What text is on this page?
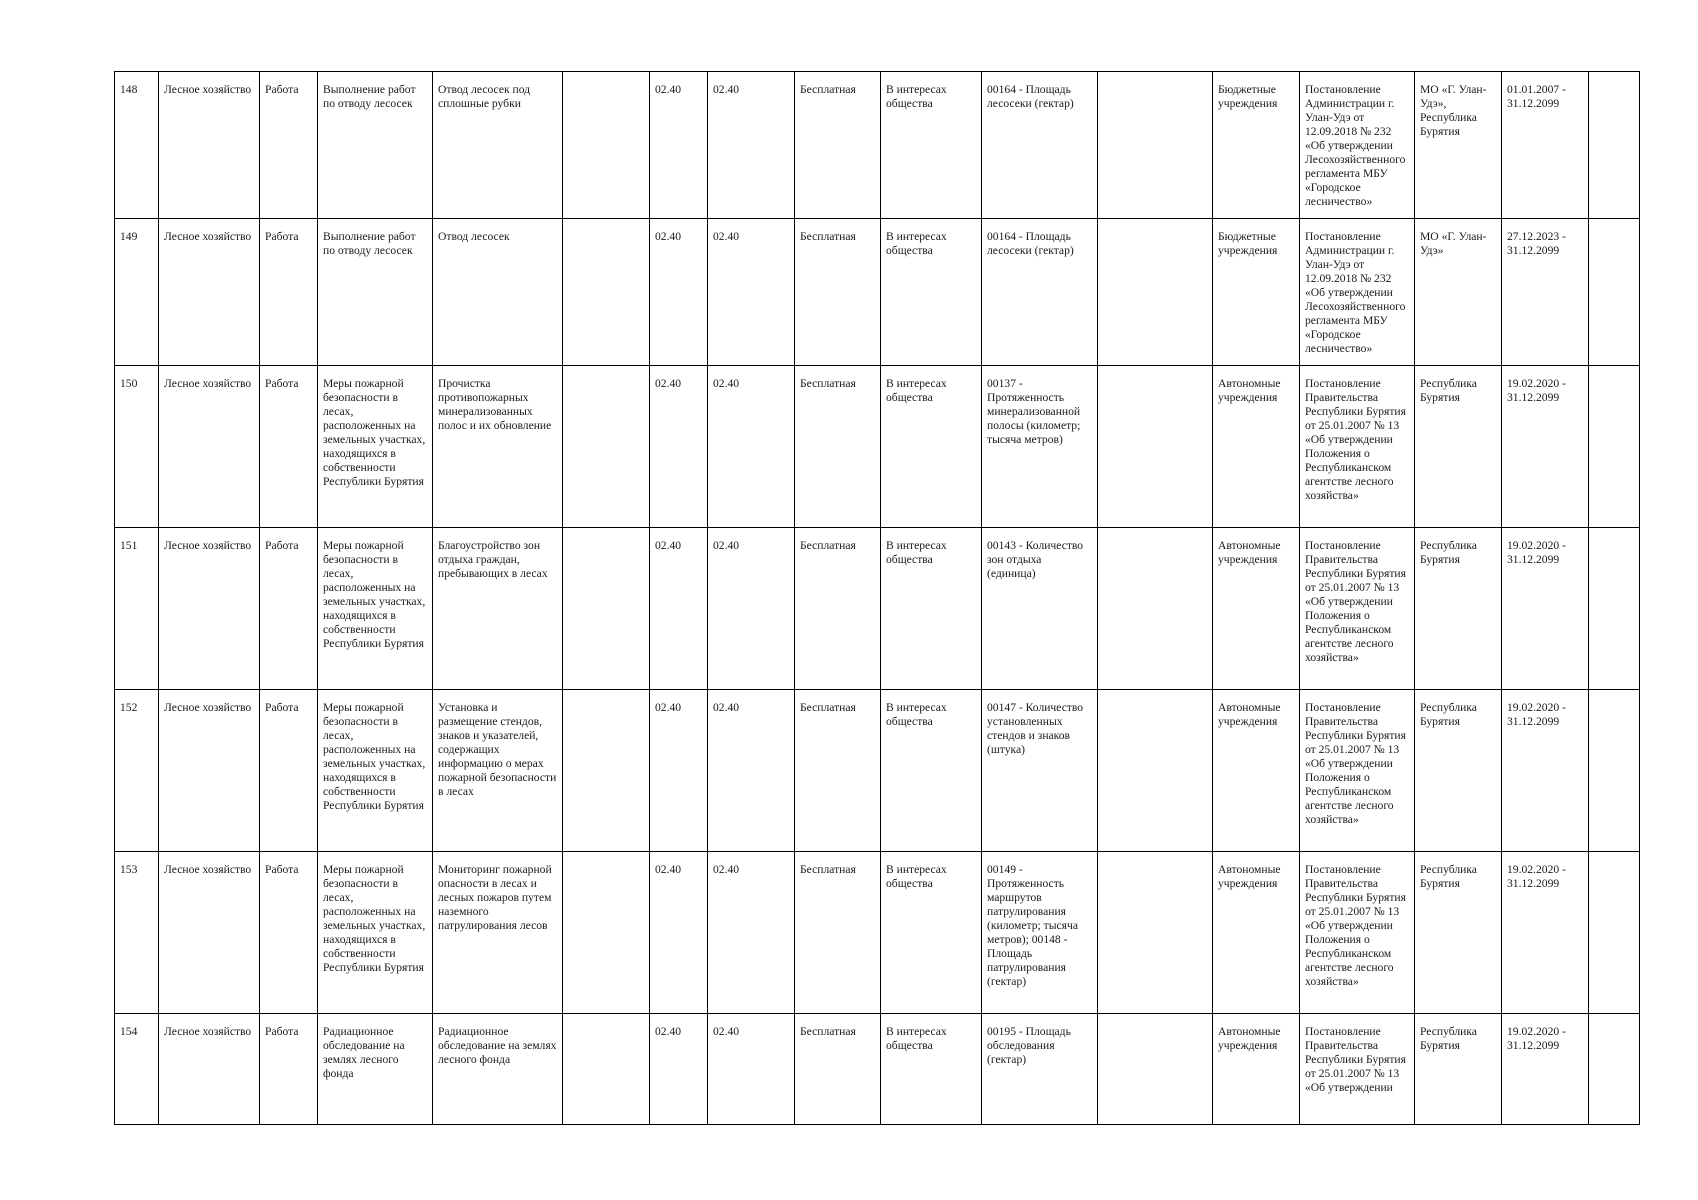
148	Лесное хозяйство	Работа	Выполнение работ по отводу лесосек	Отвод лесосек под сплошные рубки		02.40	02.40	Бесплатная	В интересах общества	00164 - Площадь лесосеки (гектар)		Бюджетные учреждения	Постановление Администрации г. Улан-Удэ от 12.09.2018 № 232 «Об утверждении Лесохозяйственного регламента МБУ «Городское лесничество»	МО «Г. Улан-Удэ», Республика Бурятия	01.01.2007 - 31.12.2099	

149	Лесное хозяйство	Работа	Выполнение работ по отводу лесосек	Отвод лесосек		02.40	02.40	Бесплатная	В интересах общества	00164 - Площадь лесосеки (гектар)		Бюджетные учреждения	Постановление Администрации г. Улан-Удэ от 12.09.2018 № 232 «Об утверждении Лесохозяйственного регламента МБУ «Городское лесничество»	МО «Г. Улан-Удэ»	27.12.2023 - 31.12.2099	

150	Лесное хозяйство	Работа	Меры пожарной безопасности в лесах, расположенных на земельных участках, находящихся в собственности Республики Бурятия	Прочистка противопожарных минерализованных полос и их обновление		02.40	02.40	Бесплатная	В интересах общества	00137 - Протяженность минерализованной полосы (километр; тысяча метров)		Автономные учреждения	Постановление Правительства Республики Бурятия от 25.01.2007 № 13 «Об утверждении Положения о Республиканском агентстве лесного хозяйства»	Республика Бурятия	19.02.2020 - 31.12.2099	

151	Лесное хозяйство	Работа	Меры пожарной безопасности в лесах, расположенных на земельных участках, находящихся в собственности Республики Бурятия	Благоустройство зон отдыха граждан, пребывающих в лесах		02.40	02.40	Бесплатная	В интересах общества	00143 - Количество зон отдыха (единица)		Автономные учреждения	Постановление Правительства Республики Бурятия от 25.01.2007 № 13 «Об утверждении Положения о Республиканском агентстве лесного хозяйства»	Республика Бурятия	19.02.2020 - 31.12.2099	

152	Лесное хозяйство	Работа	Меры пожарной безопасности в лесах, расположенных на земельных участках, находящихся в собственности Республики Бурятия	Установка и размещение стендов, знаков и указателей, содержащих информацию о мерах пожарной безопасности в лесах		02.40	02.40	Бесплатная	В интересах общества	00147 - Количество установленных стендов и знаков (штука)		Автономные учреждения	Постановление Правительства Республики Бурятия от 25.01.2007 № 13 «Об утверждении Положения о Республиканском агентстве лесного хозяйства»	Республика Бурятия	19.02.2020 - 31.12.2099	

153	Лесное хозяйство	Работа	Меры пожарной безопасности в лесах, расположенных на земельных участках, находящихся в собственности Республики Бурятия	Мониторинг пожарной опасности в лесах и лесных пожаров путем наземного патрулирования лесов		02.40	02.40	Бесплатная	В интересах общества	00149 - Протяженность маршрутов патрулирования (километр; тысяча метров); 00148 - Площадь патрулирования (гектар)		Автономные учреждения	Постановление Правительства Республики Бурятия от 25.01.2007 № 13 «Об утверждении Положения о Республиканском агентстве лесного хозяйства»	Республика Бурятия	19.02.2020 - 31.12.2099	

154	Лесное хозяйство	Работа	Радиационное обследование на землях лесного фонда	Радиационное обследование на землях лесного фонда		02.40	02.40	Бесплатная	В интересах общества	00195 - Площадь обследования (гектар)		Автономные учреждения	Постановление Правительства Республики Бурятия от 25.01.2007 № 13 «Об утверждении	Республика Бурятия	19.02.2020 - 31.12.2099	
